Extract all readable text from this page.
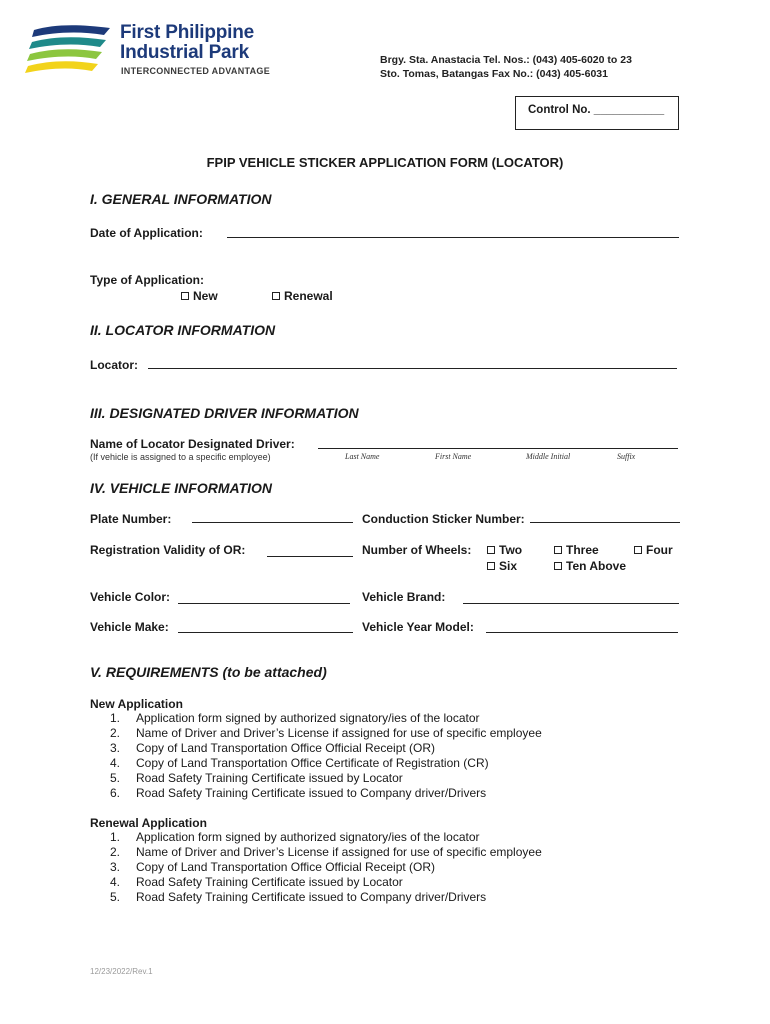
First Philippine
Industrial Park
INTERCONNECTED ADVANTAGE
Brgy. Sta. Anastacia Tel. Nos.: (043) 405-6020 to 23
Sto. Tomas, Batangas Fax No.: (043) 405-6031
Control No. ___________
FPIP VEHICLE STICKER APPLICATION FORM (LOCATOR)
I. GENERAL INFORMATION
Date of Application:
Type of Application:
New	Renewal
II. LOCATOR INFORMATION
Locator:
III. DESIGNATED DRIVER INFORMATION
Name of Locator Designated Driver:
(If vehicle is assigned to a specific employee)	Last Name	First Name	Middle Initial	Suffix
IV. VEHICLE INFORMATION
Plate Number:	Conduction Sticker Number:
Registration Validity of OR:	Number of Wheels:	Two	Three	Four
Six	Ten Above
Vehicle Color:	Vehicle Brand:
Vehicle Make:	Vehicle Year Model:
V. REQUIREMENTS (to be attached)
New Application
1. Application form signed by authorized signatory/ies of the locator
2. Name of Driver and Driver’s License if assigned for use of specific employee
3. Copy of Land Transportation Office Official Receipt (OR)
4. Copy of Land Transportation Office Certificate of Registration (CR)
5. Road Safety Training Certificate issued by Locator
6. Road Safety Training Certificate issued to Company driver/Drivers
Renewal Application
1. Application form signed by authorized signatory/ies of the locator
2. Name of Driver and Driver’s License if assigned for use of specific employee
3. Copy of Land Transportation Office Official Receipt (OR)
4. Road Safety Training Certificate issued by Locator
5. Road Safety Training Certificate issued to Company driver/Drivers
12/23/2022/Rev.1
